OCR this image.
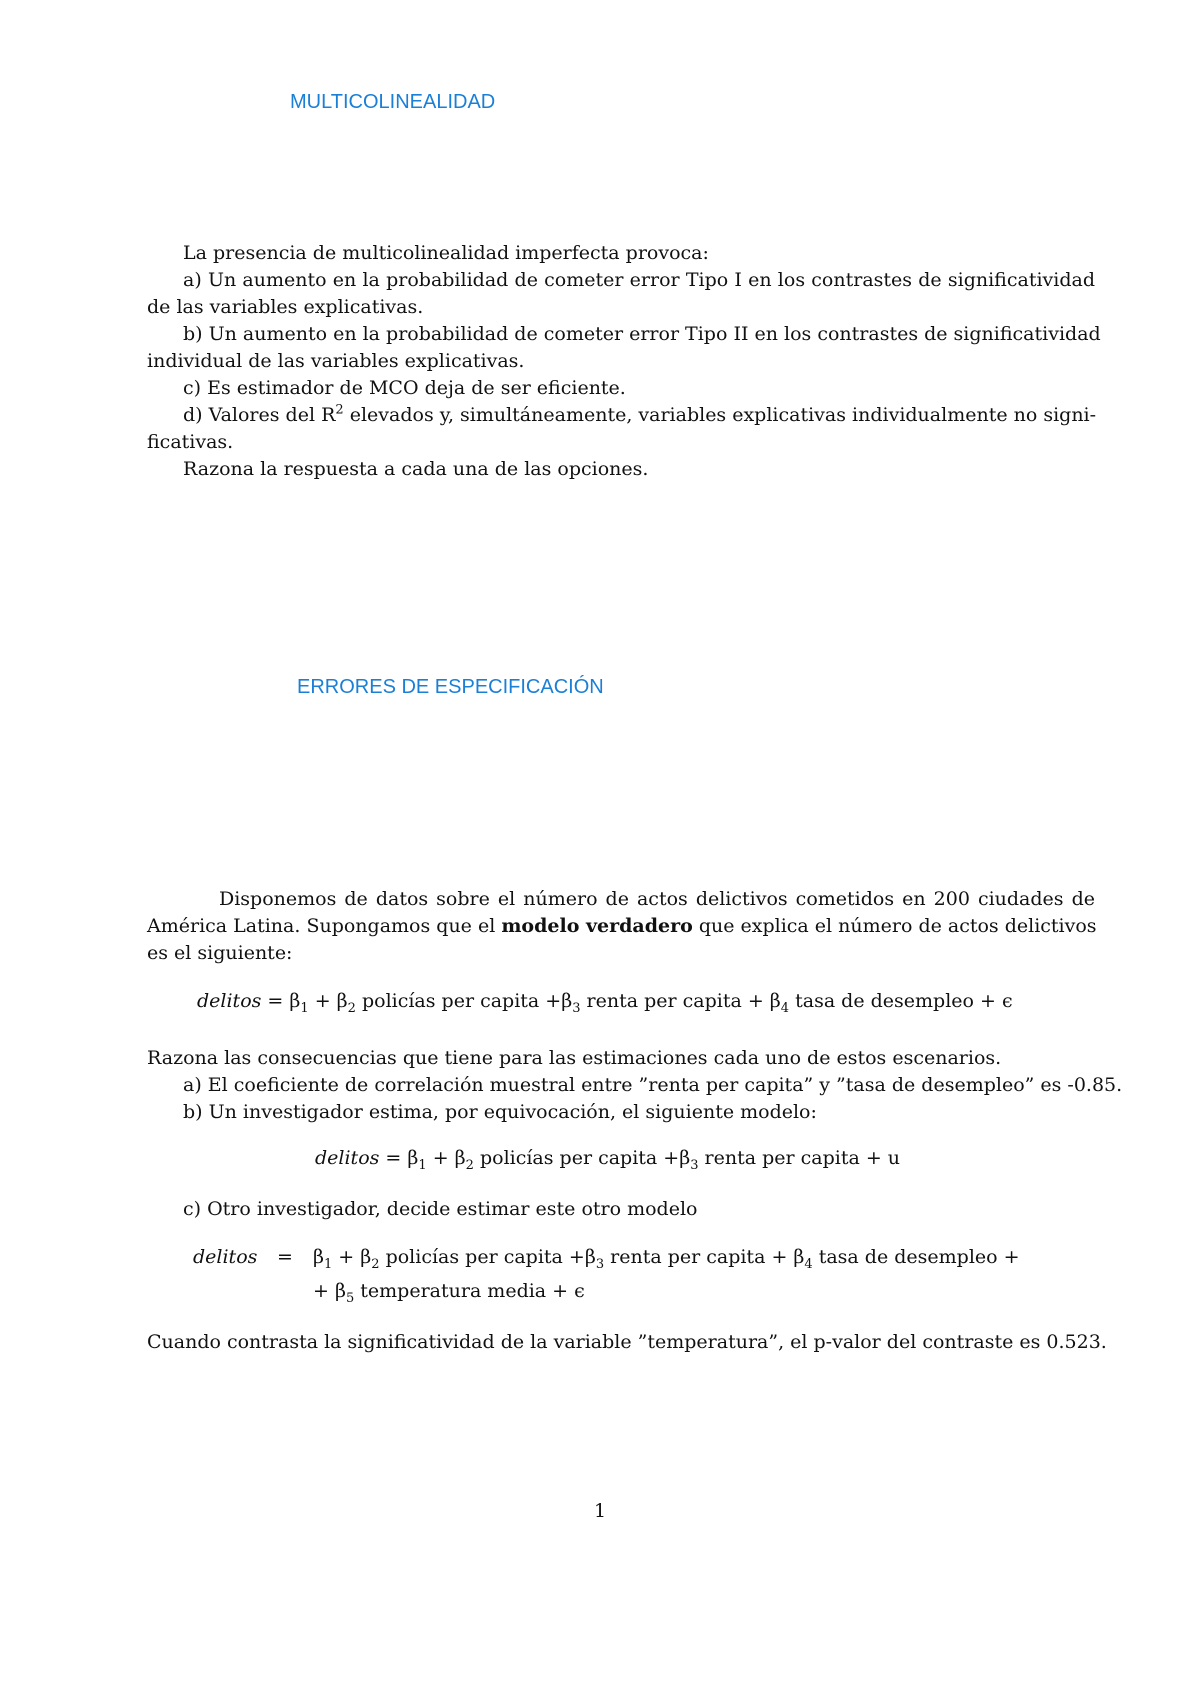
MULTICOLINEALIDAD
La presencia de multicolinealidad imperfecta provoca:
a) Un aumento en la probabilidad de cometer error Tipo I en los contrastes de significatividad
de las variables explicativas.
b) Un aumento en la probabilidad de cometer error Tipo II en los contrastes de significatividad
individual de las variables explicativas.
c) Es estimador de MCO deja de ser eficiente.
d) Valores del $R^2$ elevados y, simultáneamente, variables explicativas individualmente no signi-
ficativas.
Razona la respuesta a cada una de las opciones.
ERRORES DE ESPECIFICACIÓN
Disponemos de datos sobre el número de actos delictivos cometidos en 200 ciudades de
América Latina. Supongamos que el modelo verdadero que explica el número de actos delictivos
es el siguiente:
delitos = $\beta_1 + \beta_2$ policías per capita $+\beta_3$ renta per capita + $\beta_4$ tasa de desempleo + ϵ
Razona las consecuencias que tiene para las estimaciones cada uno de estos escenarios.
a) El coeficiente de correlación muestral entre ”renta per capita” y ”tasa de desempleo” es -0.85.
b) Un investigador estima, por equivocación, el siguiente modelo:
delitos = $\beta_1 + \beta_2$ policías per capita $+\beta_3$ renta per capita + u
c) Otro investigador, decide estimar este otro modelo
delitos = $\beta_1 + \beta_2$ policías per capita $+\beta_3$ renta per capita + $\beta_4$ tasa de desempleo +
+ $\beta_5$ temperatura media + ϵ
Cuando contrasta la significatividad de la variable ”temperatura”, el p-valor del contraste es 0.523.
1
